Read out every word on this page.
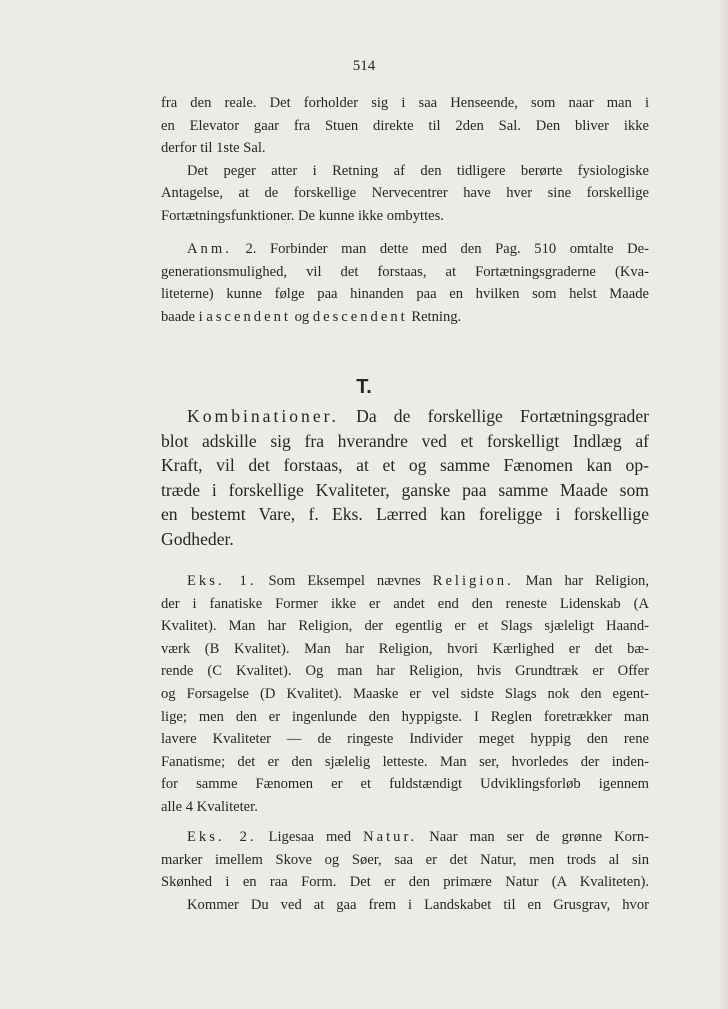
514
fra den reale. Det forholder sig i saa Henseende, som naar man i
en Elevator gaar fra Stuen direkte til 2den Sal. Den bliver ikke
derfor til 1ste Sal.
Det peger atter i Retning af den tidligere berørte fysiologiske
Antagelse, at de forskellige Nervecentrer have hver sine forskellige
Fortætningsfunktioner. De kunne ikke ombyttes.
Anm. 2. Forbinder man dette med den Pag. 510 omtalte De-
generationsmulighed, vil det forstaas, at Fortætningsgraderne (Kva-
liteterne) kunne følge paa hinanden paa en hvilken som helst Maade
baade i ascendent og descendent Retning.
T.
Kombinationer. Da de forskellige Fortætningsgrader
blot adskille sig fra hverandre ved et forskelligt Indlæg af
Kraft, vil det forstaas, at et og samme Fænomen kan op-
træde i forskellige Kvaliteter, ganske paa samme Maade som
en bestemt Vare, f. Eks. Lærred kan foreligge i forskellige
Godheder.
Eks. 1. Som Eksempel nævnes Religion. Man har Religion,
der i fanatiske Former ikke er andet end den reneste Lidenskab (A
Kvalitet). Man har Religion, der egentlig er et Slags sjæleligt Haand-
værk (B Kvalitet). Man har Religion, hvori Kærlighed er det bæ-
rende (C Kvalitet). Og man har Religion, hvis Grundtræk er Offer
og Forsagelse (D Kvalitet). Maaske er vel sidste Slags nok den egent-
lige; men den er ingenlunde den hyppigste. I Reglen foretrækker man
lavere Kvaliteter — de ringeste Individer meget hyppig den rene
Fanatisme; det er den sjælelig letteste. Man ser, hvorledes der inden-
for samme Fænomen er et fuldstændigt Udviklingsforløb igennem
alle 4 Kvaliteter.
Eks. 2. Ligesaa med Natur. Naar man ser de grønne Korn-
marker imellem Skove og Søer, saa er det Natur, men trods al sin
Skønhed i en raa Form. Det er den primære Natur (A Kvaliteten).
Kommer Du ved at gaa frem i Landskabet til en Grusgrav, hvor
